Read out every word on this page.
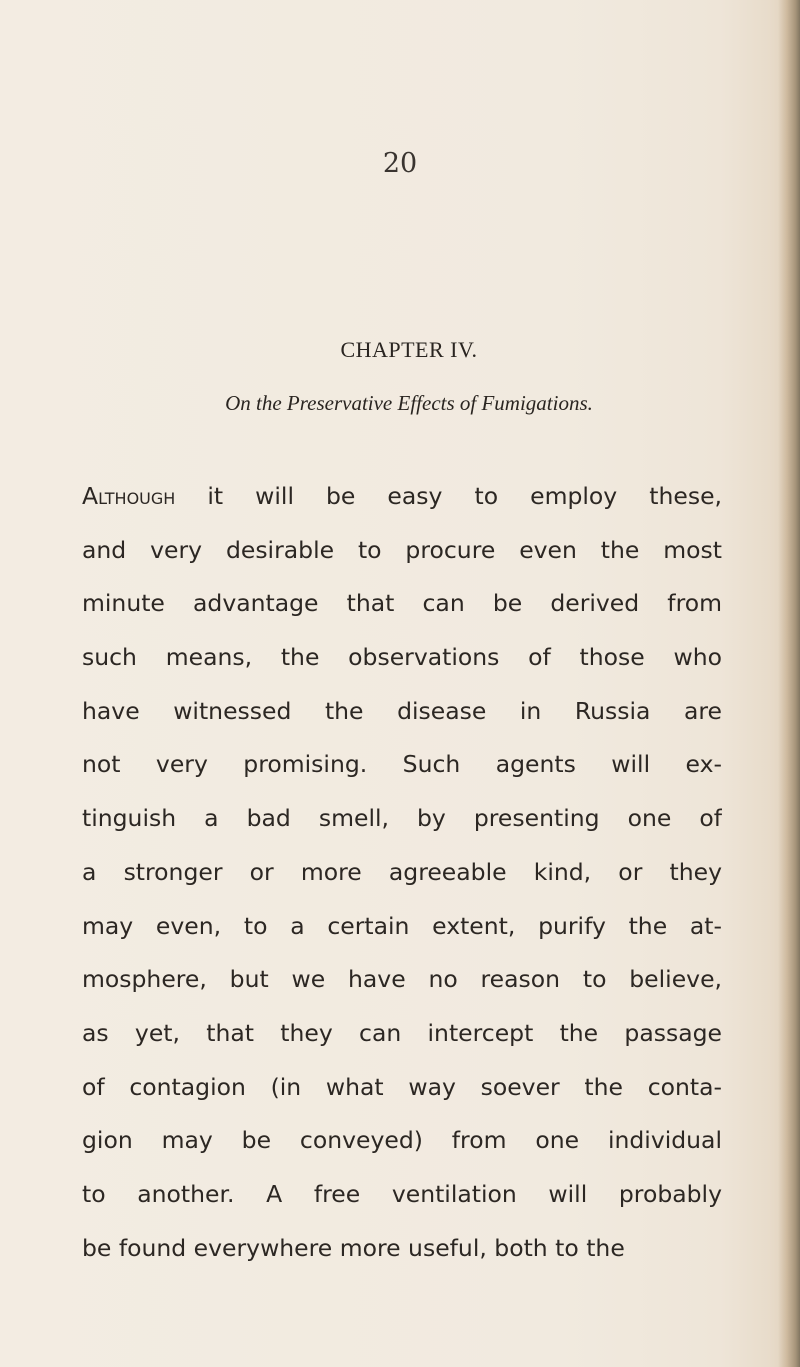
20
CHAPTER IV.
On the Preservative Effects of Fumigations.
Although it will be easy to employ these,
and very desirable to procure even the most
minute advantage that can be derived from
such means, the observations of those who
have witnessed the disease in Russia are
not very promising. Such agents will ex-
tinguish a bad smell, by presenting one of
a stronger or more agreeable kind, or they
may even, to a certain extent, purify the at-
mosphere, but we have no reason to believe,
as yet, that they can intercept the passage
of contagion (in what way soever the conta-
gion may be conveyed) from one individual
to another. A free ventilation will probably
be found everywhere more useful, both to the
